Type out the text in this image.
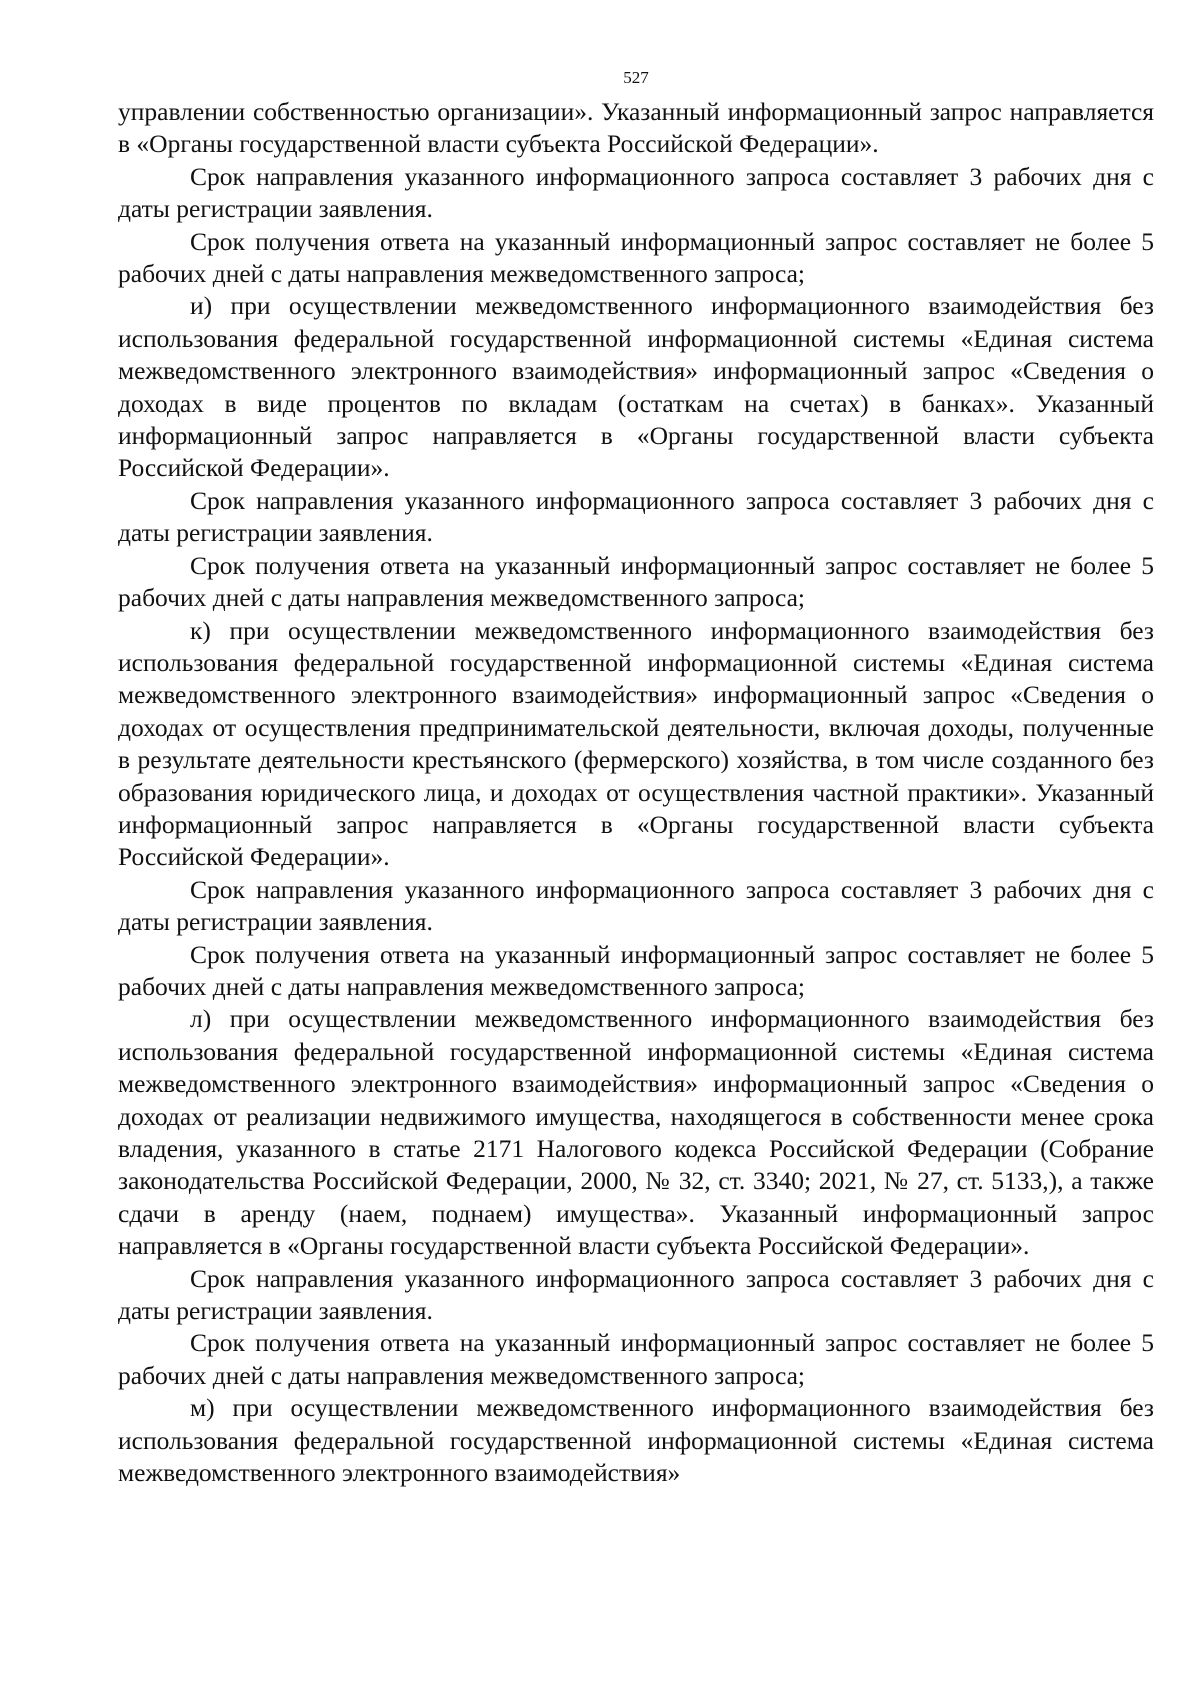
527

управлении собственностью организации». Указанный информационный запрос направляется в «Органы государственной власти субъекта Российской Федерации».

Срок направления указанного информационного запроса составляет 3 рабочих дня с даты регистрации заявления.

Срок получения ответа на указанный информационный запрос составляет не более 5 рабочих дней с даты направления межведомственного запроса;

и) при осуществлении межведомственного информационного взаимодействия без использования федеральной государственной информационной системы «Единая система межведомственного электронного взаимодействия» информационный запрос «Сведения о доходах в виде процентов по вкладам (остаткам на счетах) в банках». Указанный информационный запрос направляется в «Органы государственной власти субъекта Российской Федерации».

Срок направления указанного информационного запроса составляет 3 рабочих дня с даты регистрации заявления.

Срок получения ответа на указанный информационный запрос составляет не более 5 рабочих дней с даты направления межведомственного запроса;

к) при осуществлении межведомственного информационного взаимодействия без использования федеральной государственной информационной системы «Единая система межведомственного электронного взаимодействия» информационный запрос «Сведения о доходах от осуществления предпринимательской деятельности, включая доходы, полученные в результате деятельности крестьянского (фермерского) хозяйства, в том числе созданного без образования юридического лица, и доходах от осуществления частной практики». Указанный информационный запрос направляется в «Органы государственной власти субъекта Российской Федерации».

Срок направления указанного информационного запроса составляет 3 рабочих дня с даты регистрации заявления.

Срок получения ответа на указанный информационный запрос составляет не более 5 рабочих дней с даты направления межведомственного запроса;

л) при осуществлении межведомственного информационного взаимодействия без использования федеральной государственной информационной системы «Единая система межведомственного электронного взаимодействия» информационный запрос «Сведения о доходах от реализации недвижимого имущества, находящегося в собственности менее срока владения, указанного в статье 2171 Налогового кодекса Российской Федерации (Собрание законодательства Российской Федерации, 2000, № 32, ст. 3340; 2021, № 27, ст. 5133,), а также сдачи в аренду (наем, поднаем) имущества». Указанный информационный запрос направляется в «Органы государственной власти субъекта Российской Федерации».

Срок направления указанного информационного запроса составляет 3 рабочих дня с даты регистрации заявления.

Срок получения ответа на указанный информационный запрос составляет не более 5 рабочих дней с даты направления межведомственного запроса;

м) при осуществлении межведомственного информационного взаимодействия без использования федеральной государственной информационной системы «Единая система межведомственного электронного взаимодействия»
